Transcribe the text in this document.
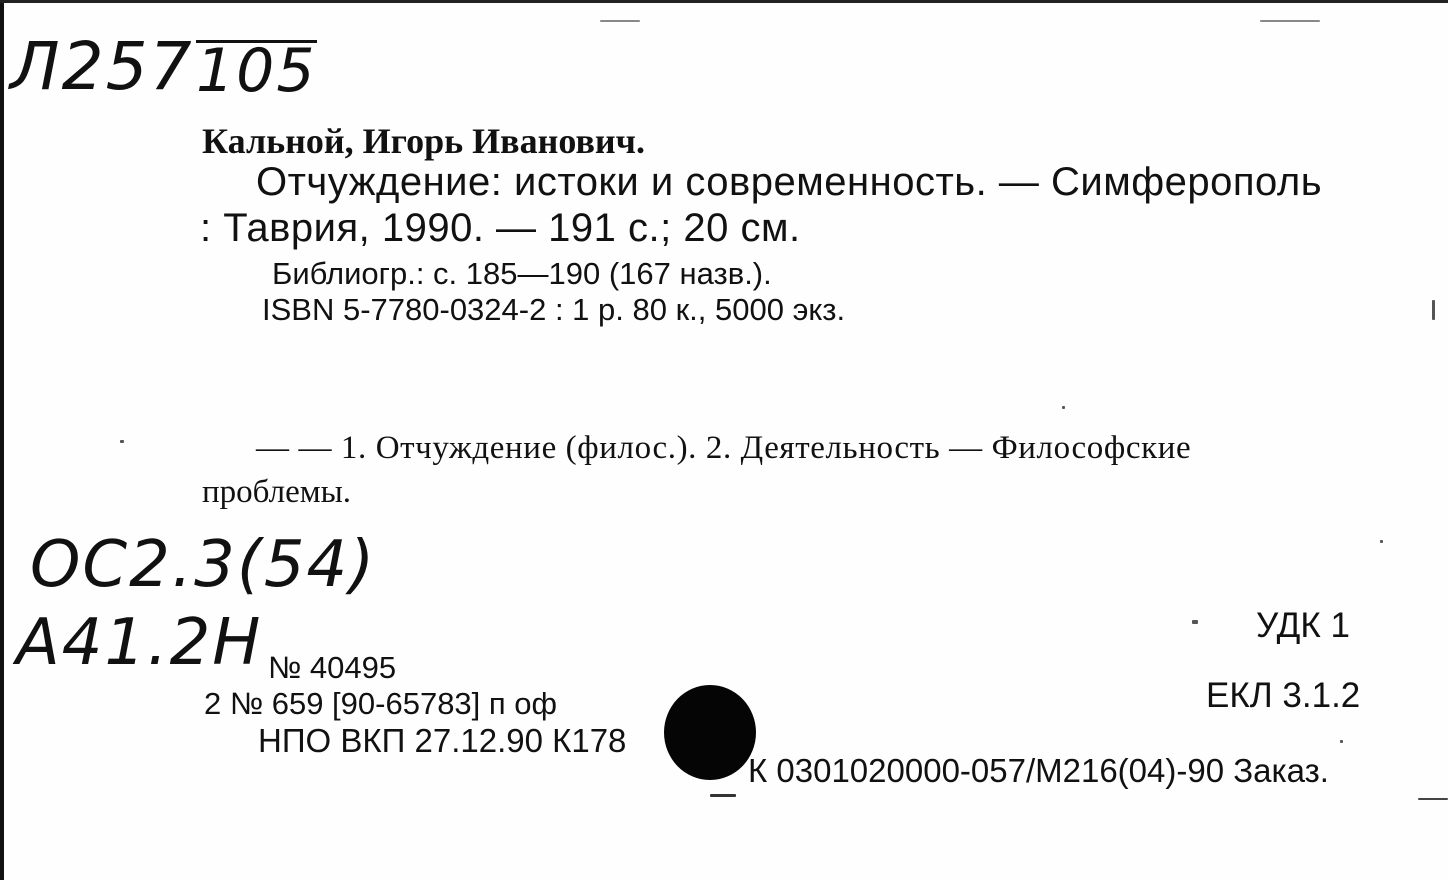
Л257 105
Кальной, Игорь Иванович.
Отчуждение: истоки и современность. — Симферополь
: Таврия, 1990. — 191 с.; 20 см.
Библиогр.: с. 185—190 (167 назв.).
ISBN 5-7780-0324-2 : 1 р. 80 к., 5000 экз.
— — 1. Отчуждение (филос.). 2. Деятельность — Философские
проблемы.
ОС2.3(54)
А41.2Н	УДК 1
ЕКЛ 3.1.2
№ 40495
2 № 659 [90-65783] п оф
НПО ВКП 27.12.90 К178
К 0301020000-057/М216(04)-90 Заказ.
